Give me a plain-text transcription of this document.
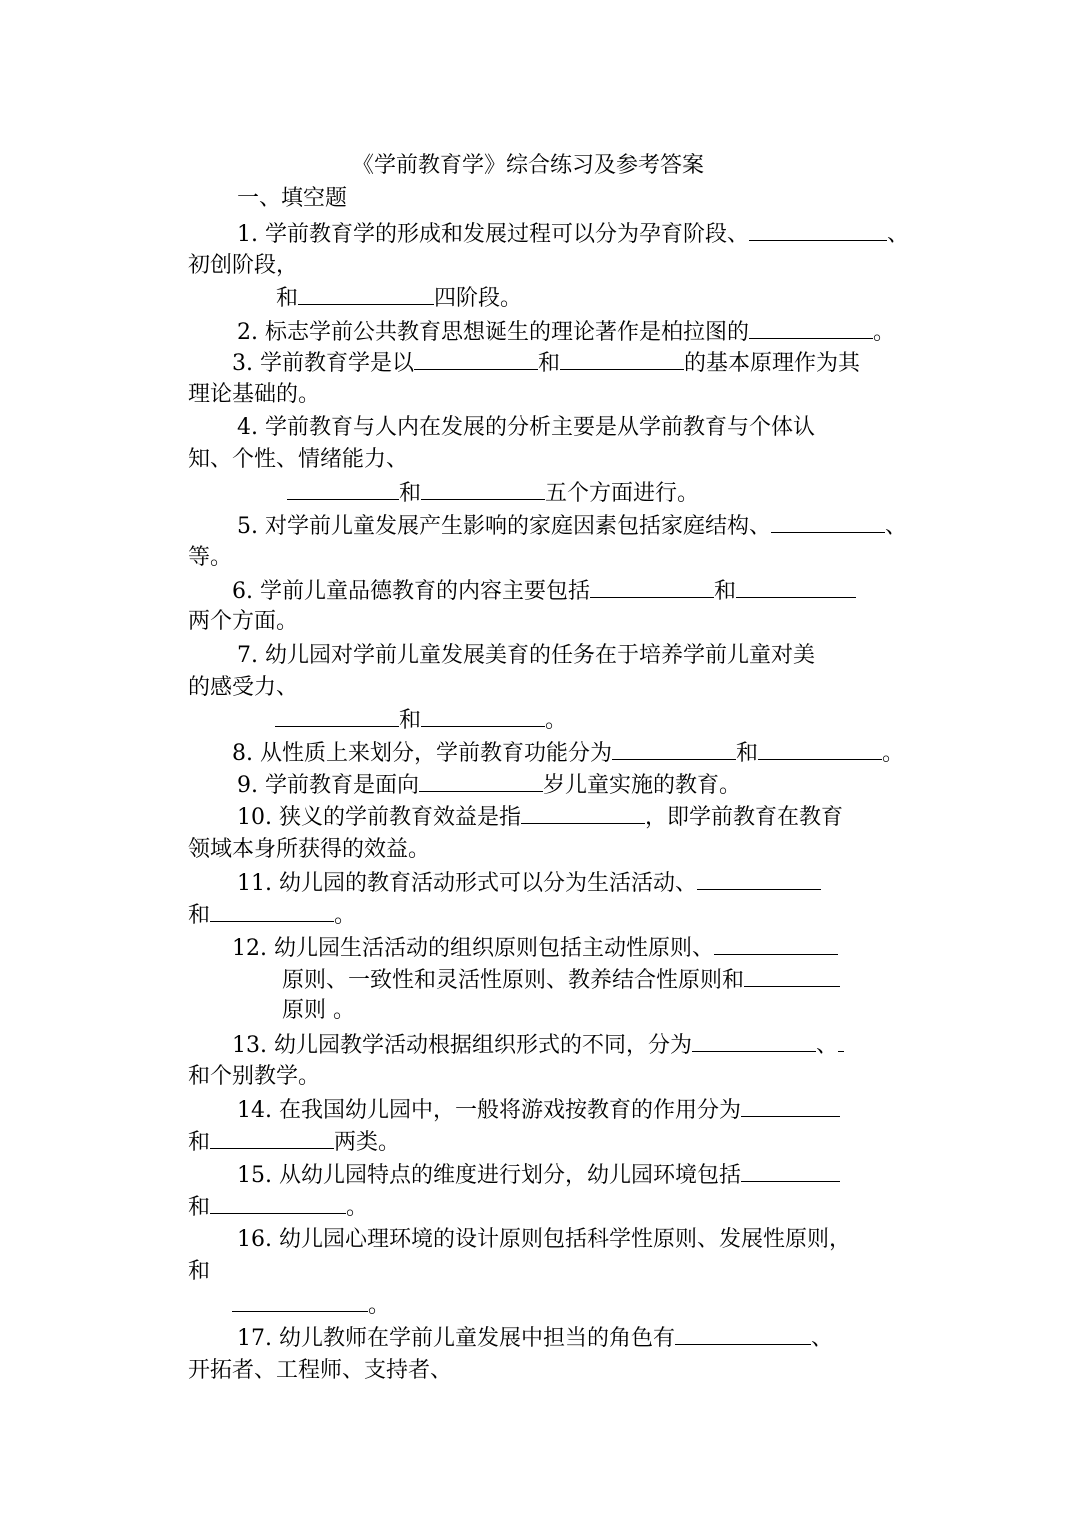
《学前教育学》综合练习及参考答案
一、填空题
1. 学前教育学的形成和发展过程可以分为孕育阶段、	、
初创阶段，
和	四阶段。
2. 标志学前公共教育思想诞生的理论著作是柏拉图的	。
3. 学前教育学是以	和	的基本原理作为其
理论基础的。
4. 学前教育与人内在发展的分析主要是从学前教育与个体认
知、个性、情绪能力、
和	五个方面进行。
5. 对学前儿童发展产生影响的家庭因素包括家庭结构、	、
等。
6. 学前儿童品德教育的内容主要包括	和
两个方面。
7. 幼儿园对学前儿童发展美育的任务在于培养学前儿童对美
的感受力、
和	。
8. 从性质上来划分，学前教育功能分为	和	。
9. 学前教育是面向	岁儿童实施的教育。
10. 狭义的学前教育效益是指	，即学前教育在教育
领域本身所获得的效益。
11. 幼儿园的教育活动形式可以分为生活活动、
和	。
12. 幼儿园生活活动的组织原则包括主动性原则、
原则、一致性和灵活性原则、教养结合性原则和
原则 。
13. 幼儿园教学活动根据组织形式的不同，分为	、
和个别教学。
14. 在我国幼儿园中，一般将游戏按教育的作用分为
和	两类。
15. 从幼儿园特点的维度进行划分，幼儿园环境包括
和	。
16. 幼儿园心理环境的设计原则包括科学性原则、发展性原则，
和
。
17. 幼儿教师在学前儿童发展中担当的角色有	、
开拓者、工程师、支持者、
